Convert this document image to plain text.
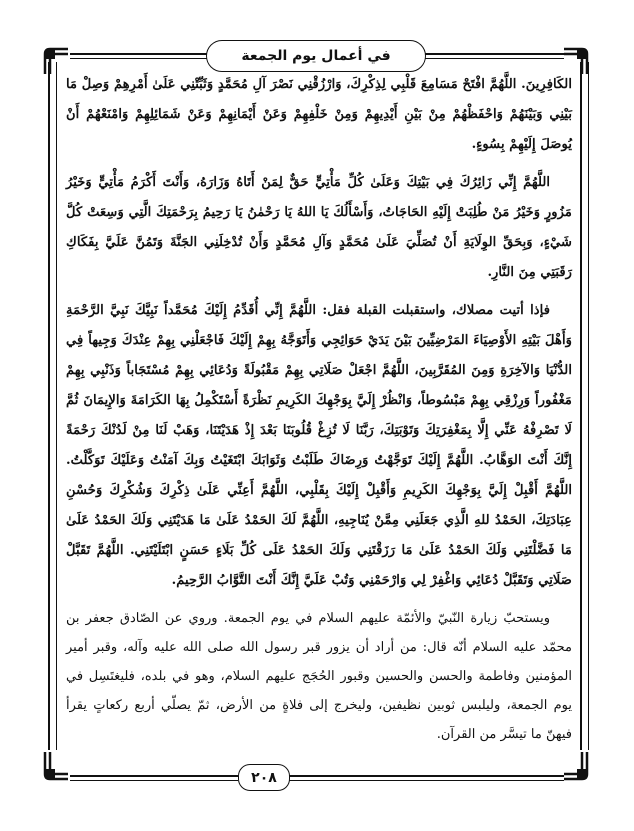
في أعمال يوم الجمعة

الكَافِرِينَ. اللَّهُمَّ افْتَحْ مَسَامِعَ قَلْبِي لِذِكْرِكَ، وَارْزُقْنِي نَصْرَ آلِ مُحَمَّدٍ وَثَبِّتْنِي عَلَىٰ أَمْرِهِمْ وَصِلْ مَا بَيْنِي وَبَيْنَهُمْ وَاحْفَظْهُمْ مِنْ بَيْنِ أَيْدِيهِمْ وَمِنْ خَلْفِهِمْ وَعَنْ أَيْمَانِهِمْ وَعَنْ شَمَائِلِهِمْ وَامْنَعْهُمْ أَنْ يُوصَلَ إِلَيْهِمْ بِسُوءٍ.

اللَّهُمَّ إِنِّي زَائِرُكَ فِي بَيْتِكَ وَعَلَىٰ كُلِّ مَأْتِيٍّ حَقٌّ لِمَنْ أَتَاهُ وَزَارَهُ، وَأَنْتَ أَكْرَمُ مَأْتِيٍّ وَخَيْرُ مَزُورٍ وَخَيْرُ مَنْ طُلِبَتْ إِلَيْهِ الحَاجَاتُ، وَأَسْأَلُكَ يَا اللهُ يَا رَحْمٰنُ يَا رَحِيمُ بِرَحْمَتِكَ الَّتِي وَسِعَتْ كُلَّ شَيْءٍ، وَبِحَقِّ الوِلَايَةِ أَنْ تُصَلِّيَ عَلَىٰ مُحَمَّدٍ وَآلِ مُحَمَّدٍ وَأَنْ تُدْخِلَنِي الجَنَّةَ وَتَمُنَّ عَلَيَّ بِفَكَاكِ رَقَبَتِي مِنَ النَّارِ.

فإذا أتيت مصلاك، واستقبلت القبلة فقل: اللَّهُمَّ إِنِّي أُقَدِّمُ إِلَيْكَ مُحَمَّداً نَبِيَّكَ نَبِيَّ الرَّحْمَةِ وَأَهْلَ بَيْتِهِ الأَوْصِيَاءَ المَرْضِيِّينَ بَيْنَ يَدَيْ حَوَائِجِي وَأَتَوَجَّهُ بِهِمْ إِلَيْكَ فَاجْعَلْنِي بِهِمْ عِنْدَكَ وَجِيهاً فِي الدُّنْيَا وَالآخِرَةِ وَمِنَ المُقَرَّبِينَ، اللَّهُمَّ اجْعَلْ صَلَاتِي بِهِمْ مَقْبُولَةً وَدُعَائِي بِهِمْ مُسْتَجَاباً وَذَنْبِي بِهِمْ مَغْفُوراً وَرِزْقِي بِهِمْ مَبْسُوطاً، وَانْظُرْ إِلَيَّ بِوَجْهِكَ الكَرِيمِ نَظْرَةً أَسْتَكْمِلُ بِهَا الكَرَامَةَ وَالإِيمَانَ ثُمَّ لَا تَصْرِفْهُ عَنِّي إِلَّا بِمَغْفِرَتِكَ وَتَوْبَتِكَ، رَبَّنَا لَا تُزِغْ قُلُوبَنَا بَعْدَ إِذْ هَدَيْتَنَا، وَهَبْ لَنَا مِنْ لَدُنْكَ رَحْمَةً إِنَّكَ أَنْتَ الوَهَّابُ. اللَّهُمَّ إِلَيْكَ تَوَجَّهْتُ وَرِضَاكَ طَلَبْتُ وَثَوَابَكَ ابْتَغَيْتُ وَبِكَ آمَنْتُ وَعَلَيْكَ تَوَكَّلْتُ. اللَّهُمَّ أَقْبِلْ إِلَيَّ بِوَجْهِكَ الكَرِيمِ وَأَقْبِلْ إِلَيْكَ بِقَلْبِي، اللَّهُمَّ أَعِنِّي عَلَىٰ ذِكْرِكَ وَشُكْرِكَ وَحُسْنِ عِبَادَتِكَ، الحَمْدُ للهِ الَّذِي جَعَلَنِي مِمَّنْ يُنَاجِيهِ، اللَّهُمَّ لَكَ الحَمْدُ عَلَىٰ مَا هَدَيْتَنِي وَلَكَ الحَمْدُ عَلَىٰ مَا فَضَّلْتَنِي وَلَكَ الحَمْدُ عَلَىٰ مَا رَزَقْتَنِي وَلَكَ الحَمْدُ عَلَى كُلِّ بَلَاءٍ حَسَنٍ ابْتَلَيْتَنِي. اللَّهُمَّ تَقَبَّلْ صَلَاتِي وَتَقَبَّلْ دُعَائِي وَاغْفِرْ لِي وَارْحَمْنِي وَتُبْ عَلَيَّ إِنَّكَ أَنْتَ التَّوَّابُ الرَّحِيمُ.

ويستحبّ زيارة النّبيّ والأئمّة عليهم السلام في يوم الجمعة. وروي عن الصّادق جعفر بن محمّد عليه السلام أنّه قال: من أراد أن يزور قبر رسول الله صلى الله عليه وآله، وقبر أمير المؤمنين وفاطمة والحسن والحسين وقبور الحُجَج عليهم السلام، وهو في بلده، فليغتَسِل في يوم الجمعة، وليلبس ثوبين نظيفين، وليخرج إلى فلاةٍ من الأرض، ثمّ يصلّي أربع ركعاتٍ يقرأ فيهنّ ما تيسَّر من القرآن.

٢٠٨
